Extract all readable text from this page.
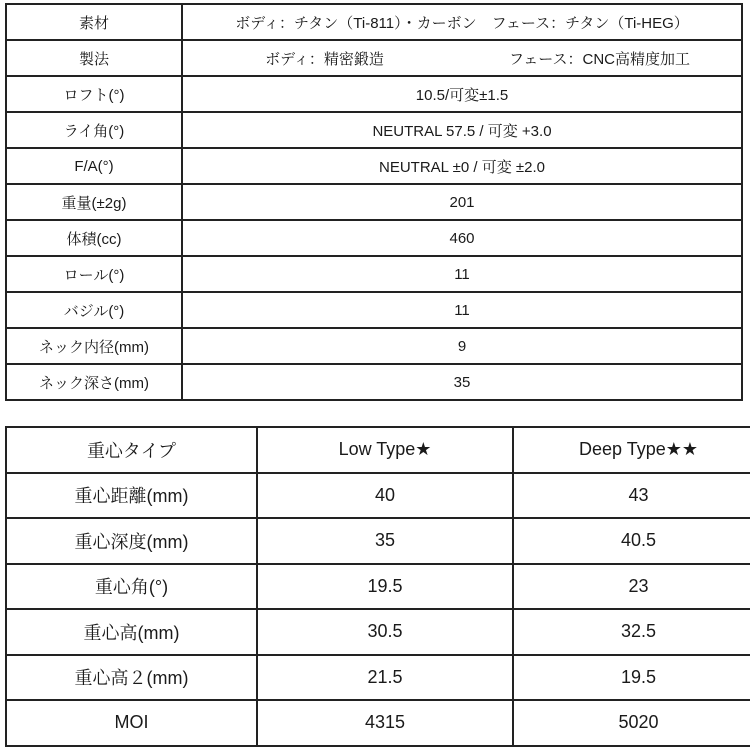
素材	ボディ：チタン（Ti-811）・カーボン　フェース：チタン（Ti-HEG）
製法	ボディ：精密鍛造 フェース：CNC高精度加工

ロフト(°)	10.5/可変±1.5
ライ角(°)	NEUTRAL 57.5 / 可変 +3.0
F/A(°)	NEUTRAL ±0 / 可変 ±2.0
重量(±2g)	201
体積(cc)	460
ロール(°)	11
バジル(°)	11
ネック内径(mm)	9
ネック深さ(mm)	35
重心タイプ	Low Type★	Deep Type★★
重心距離(mm)	40	43
重心深度(mm)	35	40.5
重心角(°)	19.5	23
重心高(mm)	30.5	32.5
重心高２(mm)	21.5	19.5
MOI	4315	5020
